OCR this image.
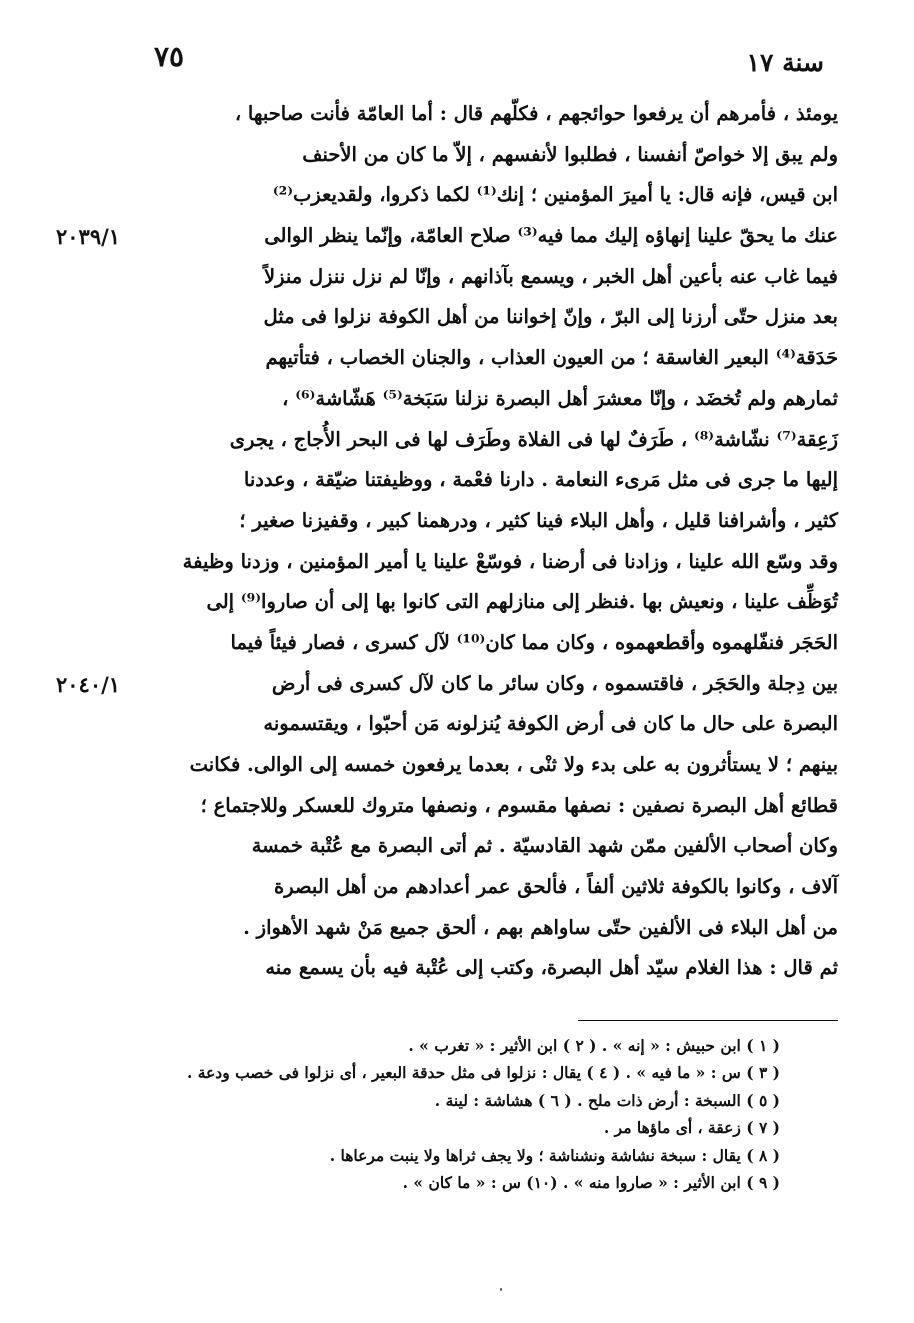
سنة ١٧
٧٥
يومئذ ، فأمرهم أن يرفعوا حوائجهم ، فكلّهم قال : أما العامّة فأنت صاحبها ،
ولم يبق إلا خواصّ أنفسنا ، فطلبوا لأنفسهم ، إلاّ ما كان من الأحنف
ابن قيس، فإنه قال: يا أميرَ المؤمنين ؛ إنك⁽¹⁾ لكما ذكروا، ولقديعزب⁽²⁾
عنك ما يحقّ علينا إنهاؤه إليك مما فيه⁽³⁾ صلاح العامّة، وإنّما ينظر الوالى
فيما غاب عنه بأعين أهل الخبر ، ويسمع بآذانهم ، وإنّا لم نزل ننزل منزلاً
بعد منزل حتّى أرزنا إلى البرّ ، وإنّ إخواننا من أهل الكوفة نزلوا فى مثل
حَدَقة⁽⁴⁾ البعير الغاسقة ؛ من العيون العذاب ، والجنان الخصاب ، فتأتيهم
ثمارهم ولم تُخضَد ، وإنّا معشرَ أهل البصرة نزلنا سَبَخة⁽⁵⁾ هَشّاشة⁽⁶⁾ ،
زَعِقة⁽⁷⁾ نشّاشة⁽⁸⁾ ، طَرَفٌ لها فى الفلاة وطَرَف لها فى البحر الأُجاج ، يجرى
إليها ما جرى فى مثل مَرىء النعامة . دارنا فعْمة ، ووظيفتنا ضيّقة ، وعددنا
كثير ، وأشرافنا قليل ، وأهل البلاء فينا كثير ، ودرهمنا كبير ، وقفيزنا صغير ؛
وقد وسّع الله علينا ، وزادنا فى أرضنا ، فوسّعْ علينا يا أمير المؤمنين ، وزدنا وظيفة
تُوَظِّف علينا ، ونعيش بها .فنظر إلى منازلهم التى كانوا بها إلى أن صاروا⁽⁹⁾ إلى
الحَجَر فنفّلهموه وأقطعهموه ، وكان مما كان⁽¹⁰⁾ لآل كسرى ، فصار فيئاً فيما
بين دِجلة والحَجَر ، فاقتسموه ، وكان سائر ما كان لآل كسرى فى أرض
البصرة على حال ما كان فى أرض الكوفة يُنزلونه مَن أحبّوا ، ويقتسمونه
بينهم ؛ لا يستأثرون به على بدء ولا ثنْى ، بعدما يرفعون خمسه إلى الوالى. فكانت
قطائع أهل البصرة نصفين : نصفها مقسوم ، ونصفها متروك للعسكر وللاجتماع ؛
وكان أصحاب الألفين ممّن شهد القادسيّة . ثم أتى البصرة مع عُتْبة خمسة
آلاف ، وكانوا بالكوفة ثلاثين ألفاً ، فألحق عمر أعدادهم من أهل البصرة
من أهل البلاء فى الألفين حتّى ساواهم بهم ، ألحق جميع مَنْ شهد الأهواز .
ثم قال : هذا الغلام سيّد أهل البصرة، وكتب إلى عُتْبة فيه بأن يسمع منه
٢٠٣٩/١
٢٠٤٠/١
( ١ ) ابن حبيش : « إنه » . ( ٢ ) ابن الأثير : « تغرب » .
( ٣ ) س : « ما فيه » . ( ٤ ) يقال : نزلوا فى مثل حدقة البعير ، أى نزلوا فى خصب ودعة .
( ٥ ) السبخة : أرض ذات ملح . ( ٦ ) هشاشة : لينة .
( ٧ ) زعقة ، أى ماؤها مر .
( ٨ ) يقال : سبخة نشاشة ونشناشة ؛ ولا يجف ثراها ولا ينبت مرعاها .
( ٩ ) ابن الأثير : « صاروا منه » . (١٠) س : « ما كان » .
